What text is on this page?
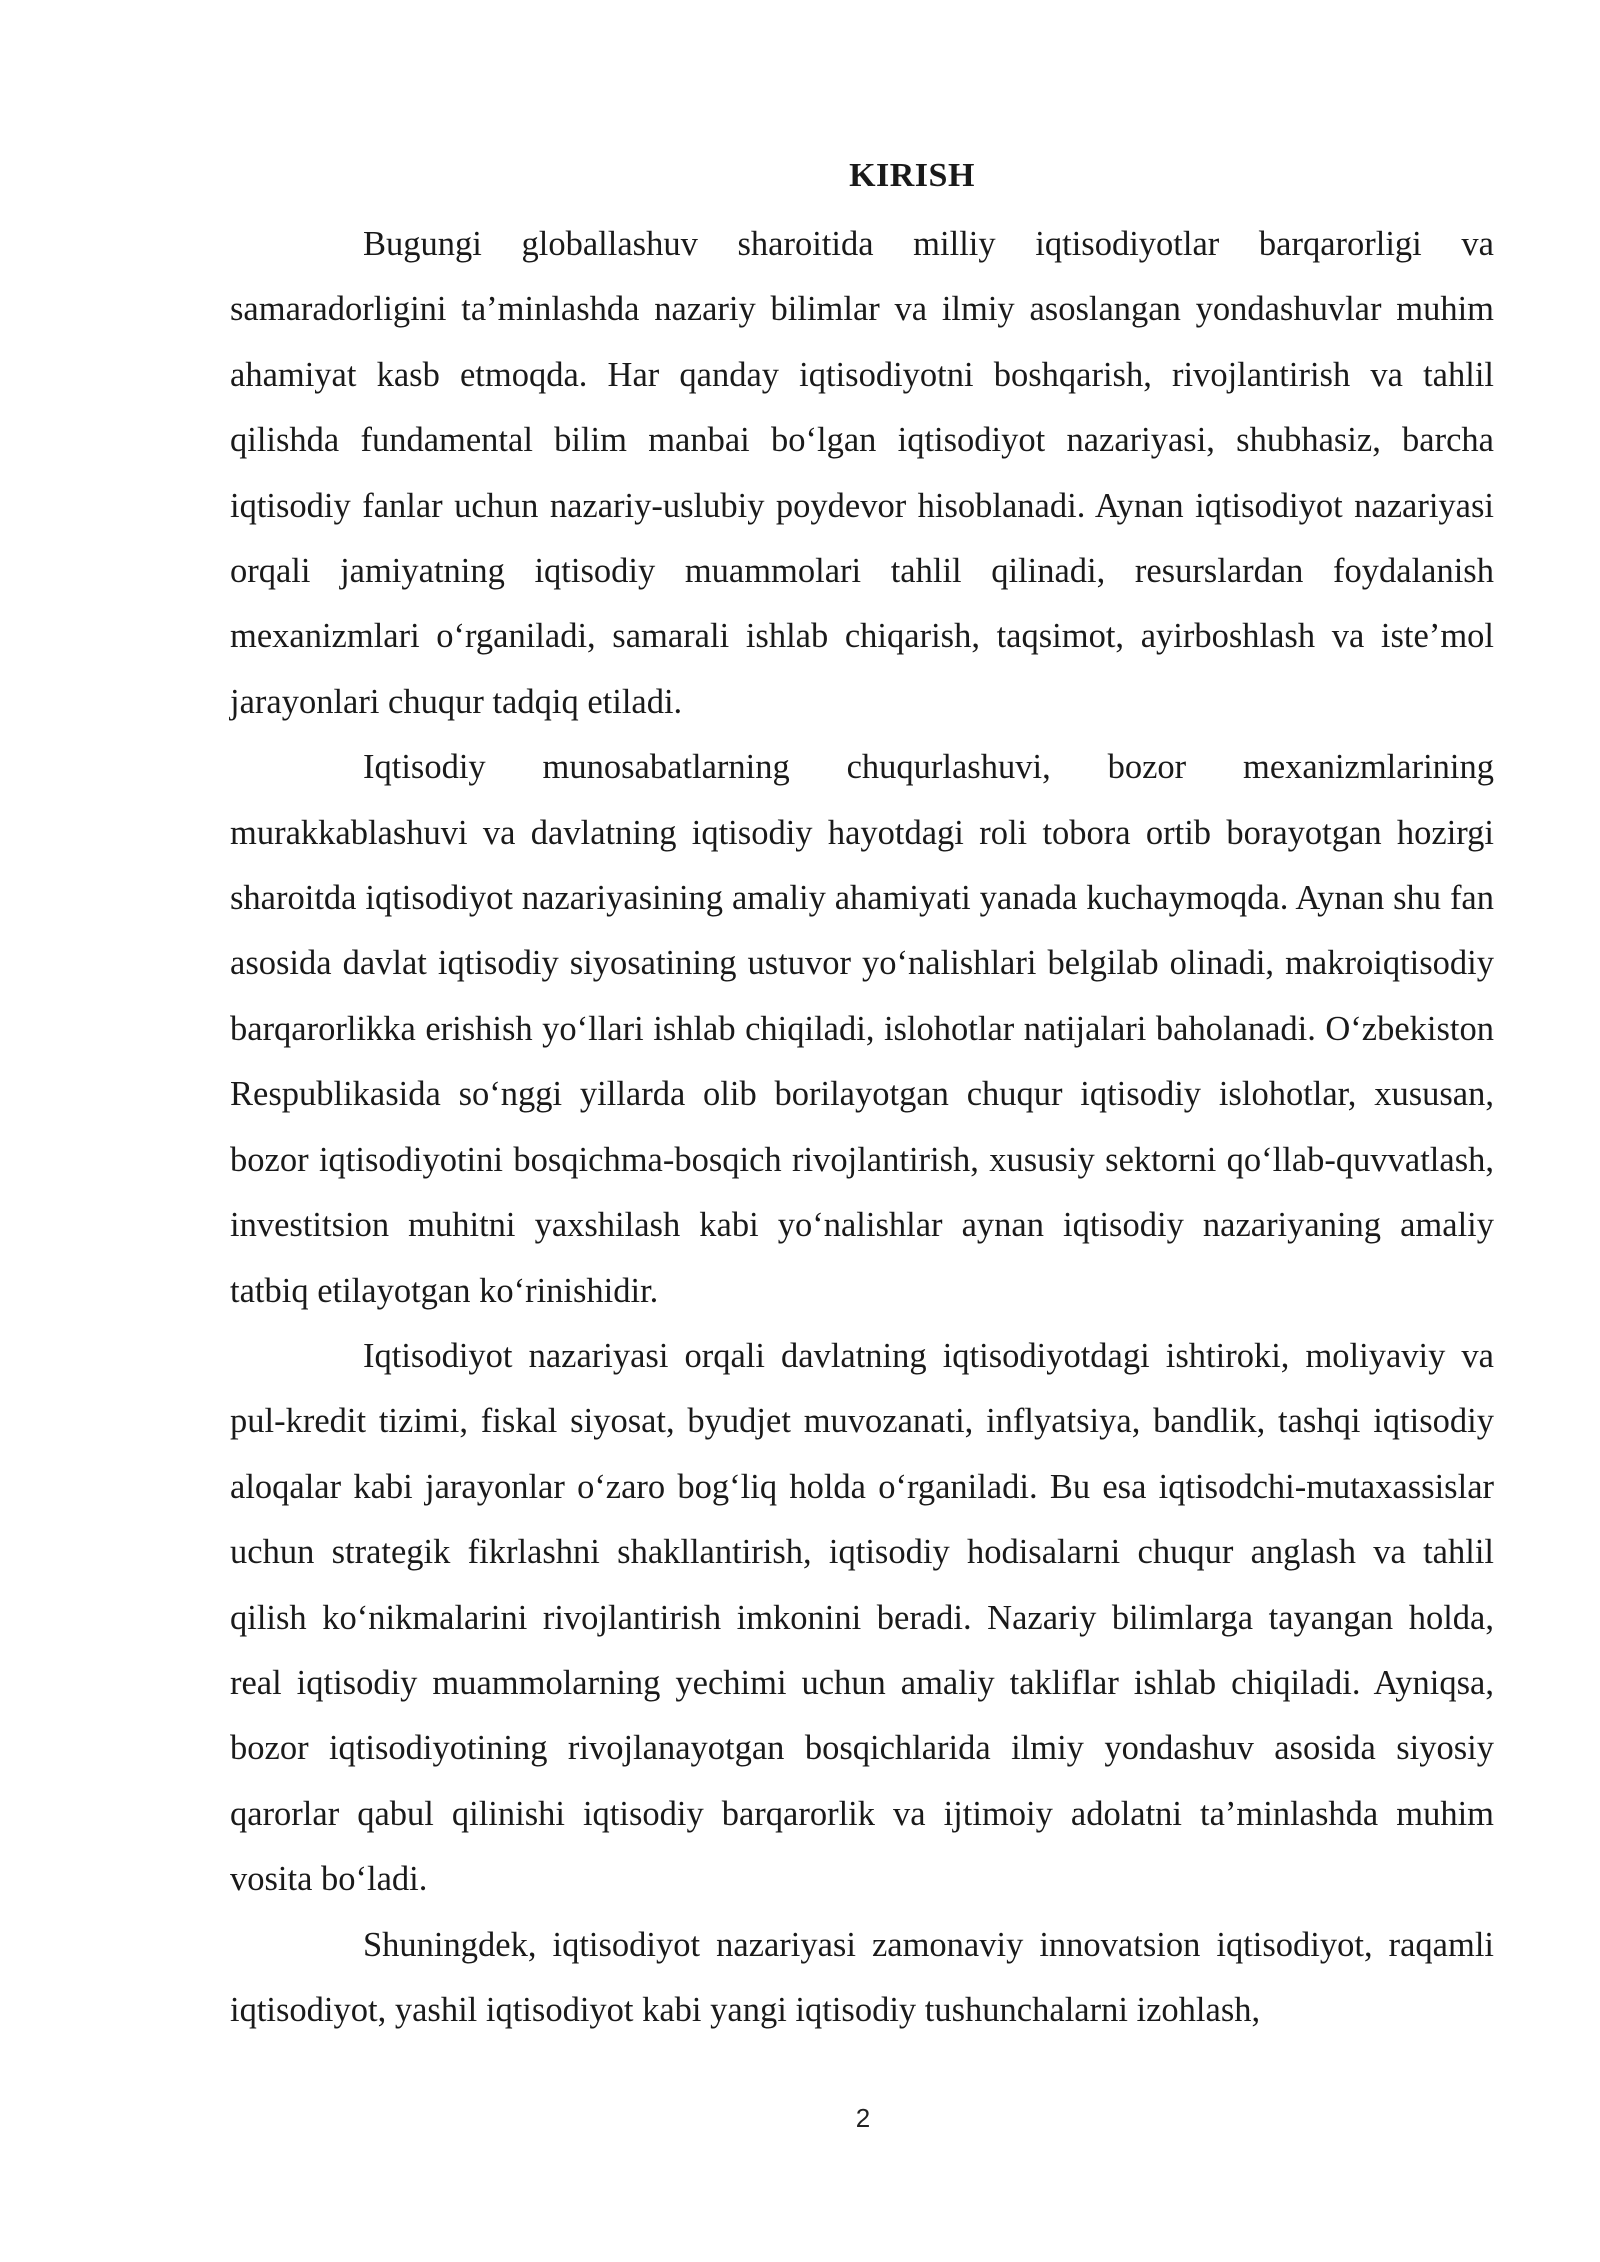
KIRISH

Bugungi globallashuv sharoitida milliy iqtisodiyotlar barqarorligi va samaradorligini ta’minlashda nazariy bilimlar va ilmiy asoslangan yondashuvlar muhim ahamiyat kasb etmoqda. Har qanday iqtisodiyotni boshqarish, rivojlantirish va tahlil qilishda fundamental bilim manbai boʻlgan iqtisodiyot nazariyasi, shubhasiz, barcha iqtisodiy fanlar uchun nazariy-uslubiy poydevor hisoblanadi. Aynan iqtisodiyot nazariyasi orqali jamiyatning iqtisodiy muammolari tahlil qilinadi, resurslardan foydalanish mexanizmlari oʻrganiladi, samarali ishlab chiqarish, taqsimot, ayirboshlash va iste’mol jarayonlari chuqur tadqiq etiladi.

Iqtisodiy munosabatlarning chuqurlashuvi, bozor mexanizmlarining murakkablashuvi va davlatning iqtisodiy hayotdagi roli tobora ortib borayotgan hozirgi sharoitda iqtisodiyot nazariyasining amaliy ahamiyati yanada kuchaymoqda. Aynan shu fan asosida davlat iqtisodiy siyosatining ustuvor yoʻnalishlari belgilab olinadi, makroiqtisodiy barqarorlikka erishish yoʻllari ishlab chiqiladi, islohotlar natijalari baholanadi. Oʻzbekiston Respublikasida soʻnggi yillarda olib borilayotgan chuqur iqtisodiy islohotlar, xususan, bozor iqtisodiyotini bosqichma-bosqich rivojlantirish, xususiy sektorni qoʻllab-quvvatlash, investitsion muhitni yaxshilash kabi yoʻnalishlar aynan iqtisodiy nazariyaning amaliy tatbiq etilayotgan koʻrinishidir.

Iqtisodiyot nazariyasi orqali davlatning iqtisodiyotdagi ishtiroki, moliyaviy va pul-kredit tizimi, fiskal siyosat, byudjet muvozanati, inflyatsiya, bandlik, tashqi iqtisodiy aloqalar kabi jarayonlar oʻzaro bogʻliq holda oʻrganiladi. Bu esa iqtisodchi-mutaxassislar uchun strategik fikrlashni shakllantirish, iqtisodiy hodisalarni chuqur anglash va tahlil qilish koʻnikmalarini rivojlantirish imkonini beradi. Nazariy bilimlarga tayangan holda, real iqtisodiy muammolarning yechimi uchun amaliy takliflar ishlab chiqiladi. Ayniqsa, bozor iqtisodiyotining rivojlanayotgan bosqichlarida ilmiy yondashuv asosida siyosiy qarorlar qabul qilinishi iqtisodiy barqarorlik va ijtimoiy adolatni ta’minlashda muhim vosita boʻladi.

Shuningdek, iqtisodiyot nazariyasi zamonaviy innovatsion iqtisodiyot, raqamli iqtisodiyot, yashil iqtisodiyot kabi yangi iqtisodiy tushunchalarni izohlash,

2
